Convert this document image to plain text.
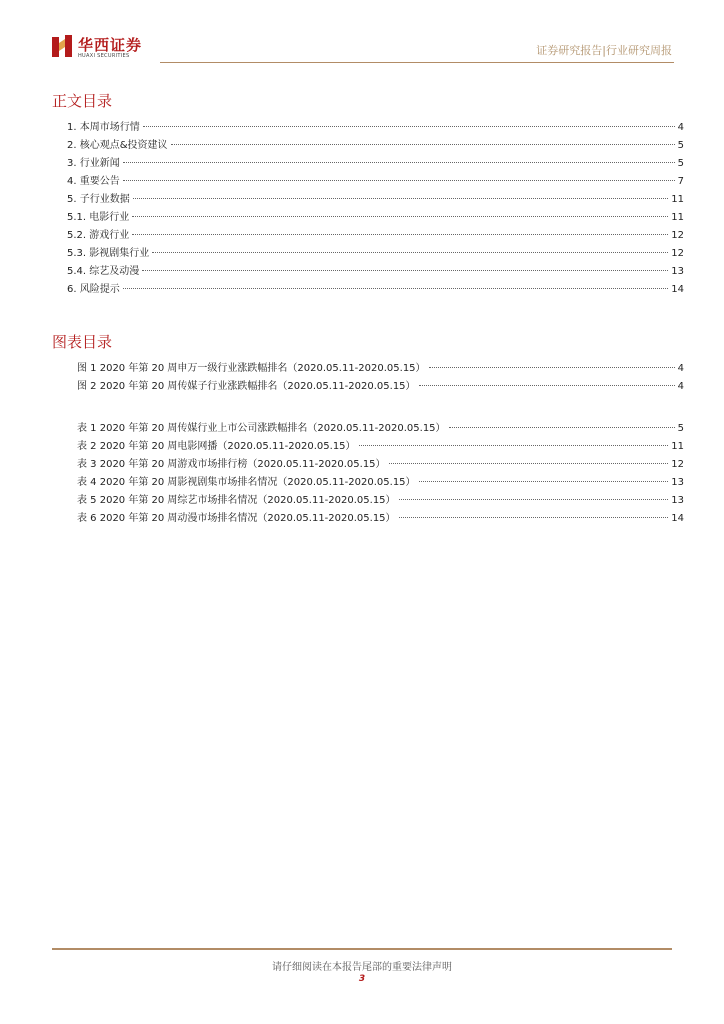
华西证券
HUAXI SECURITIES	证券研究报告|行业研究周报
正文目录
1. 本周市场行情	4
2. 核心观点&投资建议	5
3. 行业新闻	5
4. 重要公告	7
5. 子行业数据	11
5.1. 电影行业	11
5.2. 游戏行业	12
5.3. 影视剧集行业	12
5.4. 综艺及动漫	13
6. 风险提示	14
图表目录
图 1 2020 年第 20 周申万一级行业涨跌幅排名（2020.05.11-2020.05.15）	4
图 2 2020 年第 20 周传媒子行业涨跌幅排名（2020.05.11-2020.05.15）	4
表 1 2020 年第 20 周传媒行业上市公司涨跌幅排名（2020.05.11-2020.05.15）	5
表 2 2020 年第 20 周电影网播（2020.05.11-2020.05.15）	11
表 3 2020 年第 20 周游戏市场排行榜（2020.05.11-2020.05.15）	12
表 4 2020 年第 20 周影视剧集市场排名情况（2020.05.11-2020.05.15）	13
表 5 2020 年第 20 周综艺市场排名情况（2020.05.11-2020.05.15）	13
表 6 2020 年第 20 周动漫市场排名情况（2020.05.11-2020.05.15）	14
请仔细阅读在本报告尾部的重要法律声明
3
